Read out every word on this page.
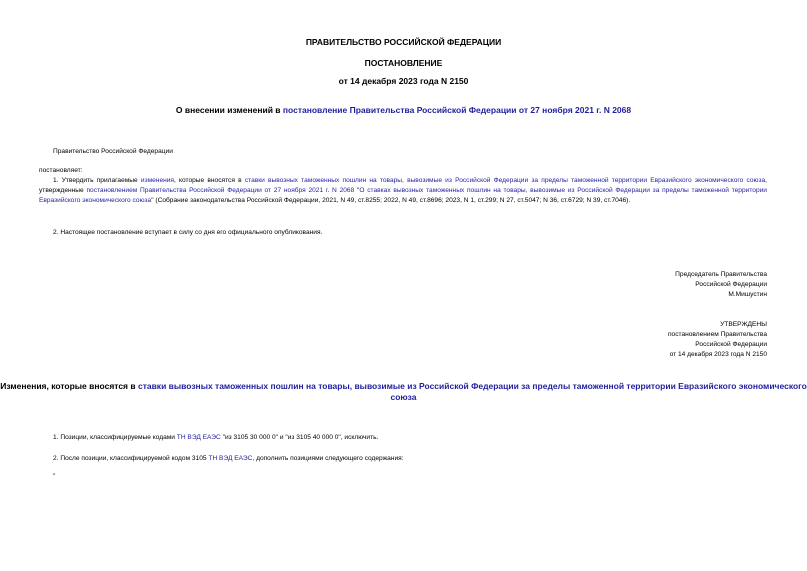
ПРАВИТЕЛЬСТВО РОССИЙСКОЙ ФЕДЕРАЦИИ
ПОСТАНОВЛЕНИЕ
от 14 декабря 2023 года N 2150
О внесении изменений в постановление Правительства Российской Федерации от 27 ноября 2021 г. N 2068
Правительство Российской Федерации
постановляет:
1. Утвердить прилагаемые изменения, которые вносятся в ставки вывозных таможенных пошлин на товары, вывозимые из Российской Федерации за пределы таможенной территории Евразийского экономического союза, утвержденные постановлением Правительства Российской Федерации от 27 ноября 2021 г. N 2068 "О ставках вывозных таможенных пошлин на товары, вывозимые из Российской Федерации за пределы таможенной территории Евразийского экономического союза" (Собрание законодательства Российской Федерации, 2021, N 49, ст.8255; 2022, N 49, ст.8696; 2023, N 1, ст.299; N 27, ст.5047; N 36, ст.6729; N 39, ст.7046).
2. Настоящее постановление вступает в силу со дня его официального опубликования.
Председатель Правительства
Российской Федерации
М.Мишустин
УТВЕРЖДЕНЫ
постановлением Правительства
Российской Федерации
от 14 декабря 2023 года N 2150
Изменения, которые вносятся в ставки вывозных таможенных пошлин на товары, вывозимые из Российской Федерации за пределы таможенной территории Евразийского экономического союза
1. Позиции, классифицируемые кодами ТН ВЭД ЕАЭС "из 3105 30 000 0" и "из 3105 40 000 0", исключить.
2. После позиции, классифицируемой кодом 3105 ТН ВЭД ЕАЭС, дополнить позициями следующего содержания:
"
